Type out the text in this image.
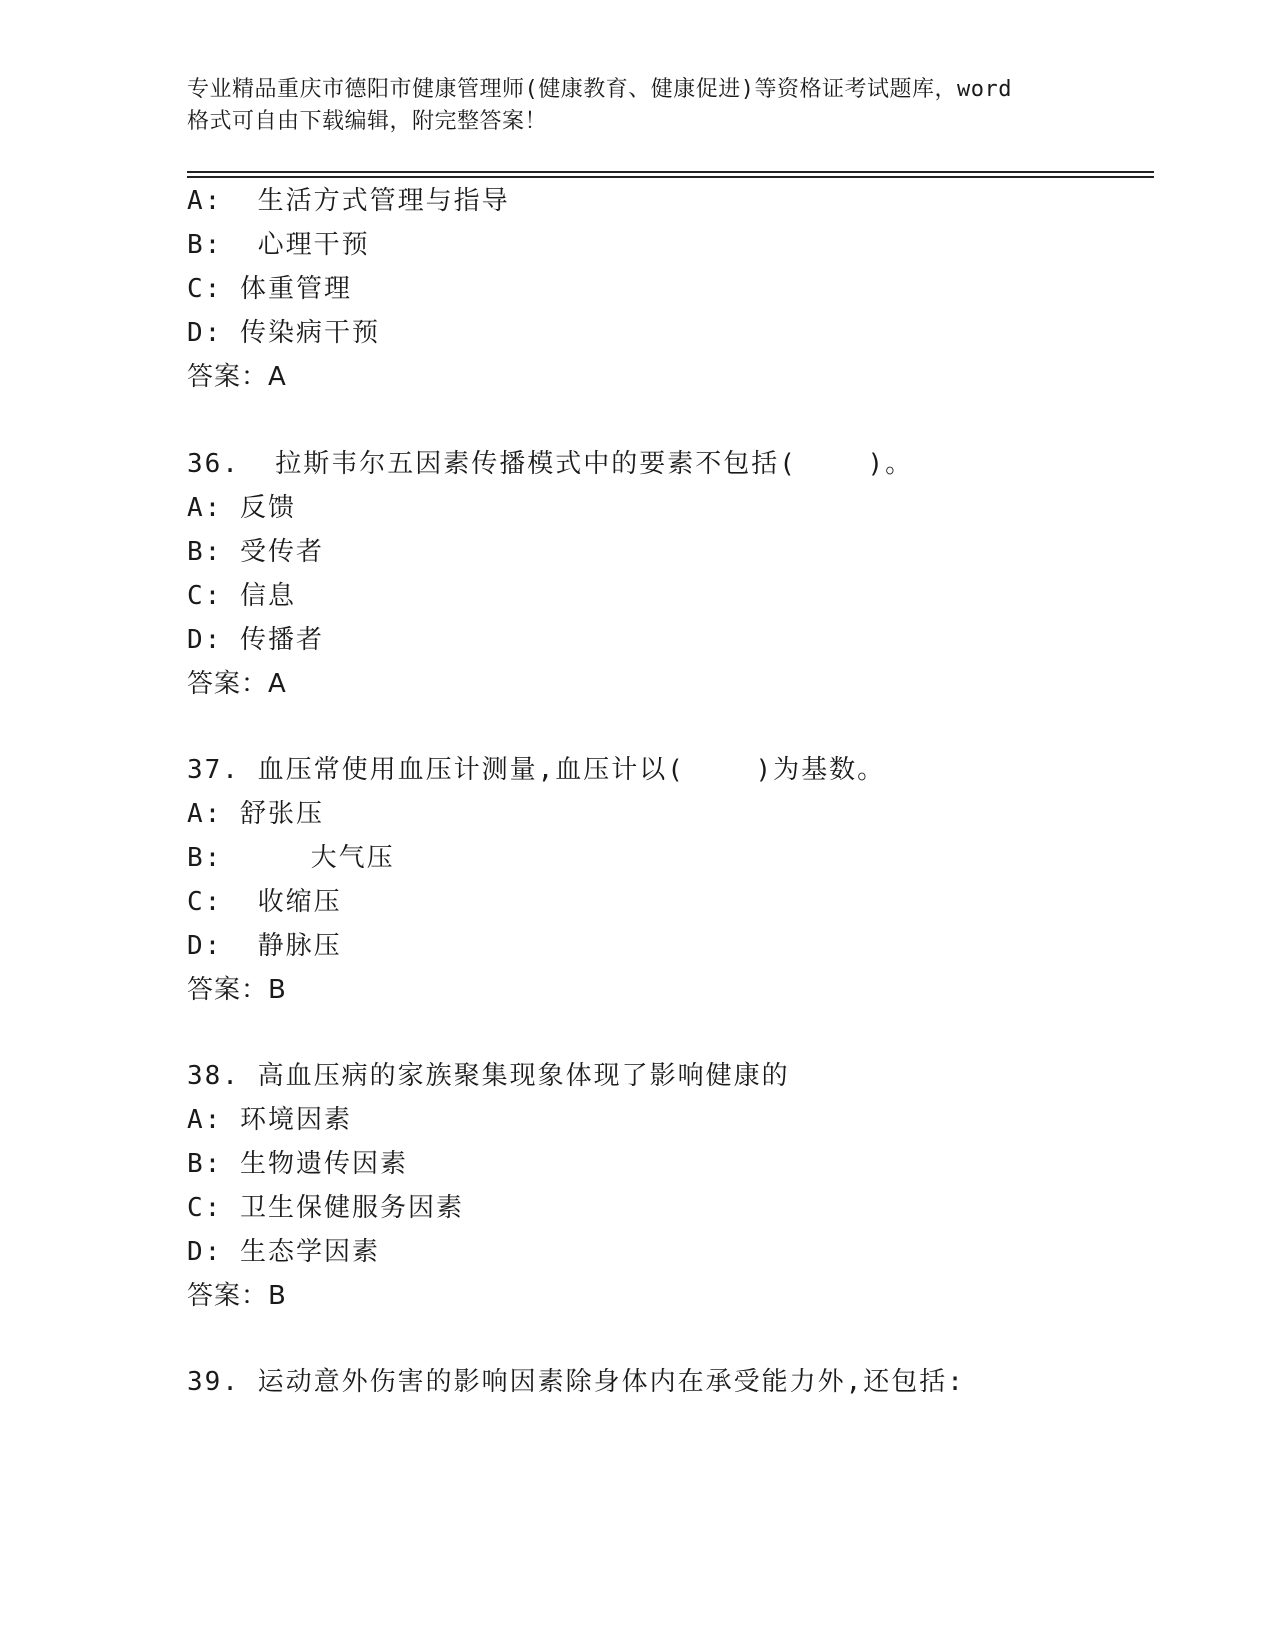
专业精品重庆市德阳市健康管理师(健康教育、健康促进)等资格证考试题库，word
格式可自由下载编辑，附完整答案！
A:  生活方式管理与指导
B:  心理干预
C: 体重管理
D: 传染病干预
答案：A
36.  拉斯韦尔五因素传播模式中的要素不包括(    )。
A: 反馈
B: 受传者
C: 信息
D: 传播者
答案：A
37. 血压常使用血压计测量,血压计以(    )为基数。
A: 舒张压
B:     大气压
C:  收缩压
D:  静脉压
答案：B
38. 高血压病的家族聚集现象体现了影响健康的
A: 环境因素
B: 生物遗传因素
C: 卫生保健服务因素
D: 生态学因素
答案：B
39. 运动意外伤害的影响因素除身体内在承受能力外,还包括:
